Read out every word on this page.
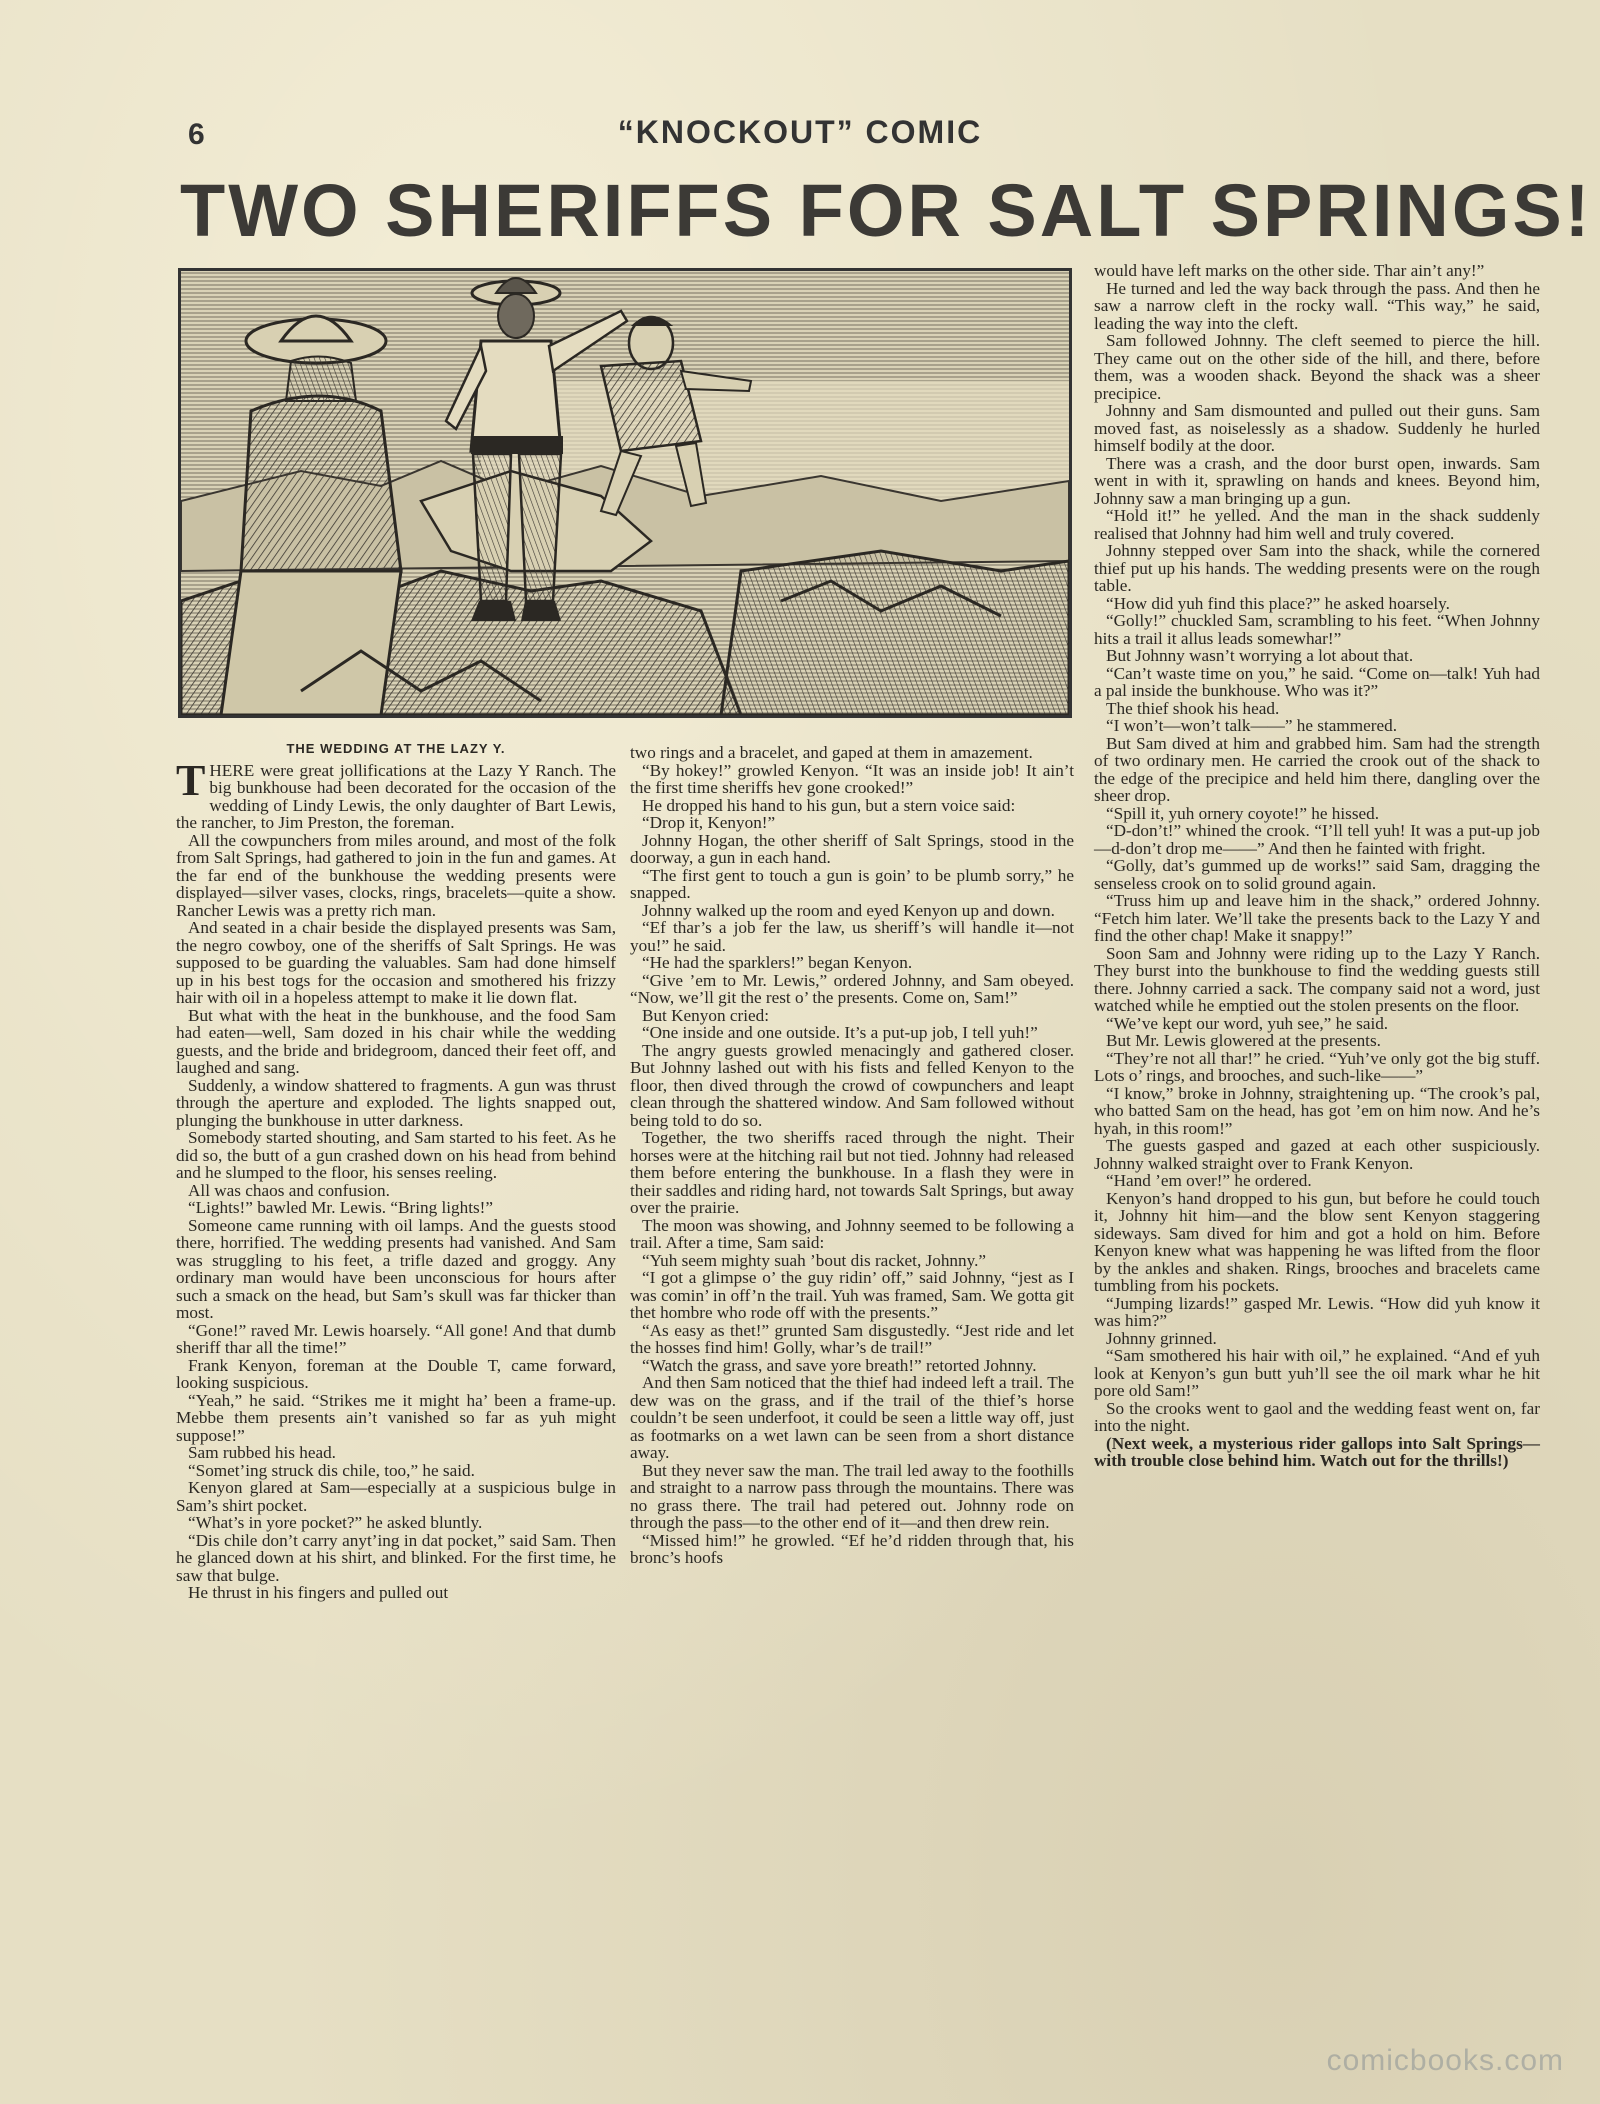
6	“KNOCKOUT” COMIC
TWO SHERIFFS FOR SALT SPRINGS!
THE WEDDING AT THE LAZY Y.

THERE were great jollifications at the Lazy Y Ranch. The big bunkhouse had been decorated for the occasion of the wedding of Lindy Lewis, the only daughter of Bart Lewis, the rancher, to Jim Preston, the foreman.

All the cowpunchers from miles around, and most of the folk from Salt Springs, had gathered to join in the fun and games. At the far end of the bunkhouse the wedding presents were displayed—silver vases, clocks, rings, bracelets—quite a show. Rancher Lewis was a pretty rich man.

And seated in a chair beside the displayed presents was Sam, the negro cowboy, one of the sheriffs of Salt Springs. He was supposed to be guarding the valuables. Sam had done himself up in his best togs for the occasion and smothered his frizzy hair with oil in a hopeless attempt to make it lie down flat.

But what with the heat in the bunkhouse, and the food Sam had eaten—well, Sam dozed in his chair while the wedding guests, and the bride and bridegroom, danced their feet off, and laughed and sang.

Suddenly, a window shattered to fragments. A gun was thrust through the aperture and exploded. The lights snapped out, plunging the bunkhouse in utter darkness.

Somebody started shouting, and Sam started to his feet. As he did so, the butt of a gun crashed down on his head from behind and he slumped to the floor, his senses reeling.

All was chaos and confusion.

“Lights!” bawled Mr. Lewis. “Bring lights!”

Someone came running with oil lamps. And the guests stood there, horrified. The wedding presents had vanished. And Sam was struggling to his feet, a trifle dazed and groggy. Any ordinary man would have been unconscious for hours after such a smack on the head, but Sam’s skull was far thicker than most.

“Gone!” raved Mr. Lewis hoarsely. “All gone! And that dumb sheriff thar all the time!”

Frank Kenyon, foreman at the Double T, came forward, looking suspicious.

“Yeah,” he said. “Strikes me it might ha’ been a frame-up. Mebbe them presents ain’t vanished so far as yuh might suppose!”

Sam rubbed his head.

“Somet’ing struck dis chile, too,” he said.

Kenyon glared at Sam—especially at a suspicious bulge in Sam’s shirt pocket.

“What’s in yore pocket?” he asked bluntly.

“Dis chile don’t carry anyt’ing in dat pocket,” said Sam. Then he glanced down at his shirt, and blinked. For the first time, he saw that bulge.

He thrust in his fingers and pulled out

two rings and a bracelet, and gaped at them in amazement.

“By hokey!” growled Kenyon. “It was an inside job! It ain’t the first time sheriffs hev gone crooked!”

He dropped his hand to his gun, but a stern voice said:

“Drop it, Kenyon!”

Johnny Hogan, the other sheriff of Salt Springs, stood in the doorway, a gun in each hand.

“The first gent to touch a gun is goin’ to be plumb sorry,” he snapped.

Johnny walked up the room and eyed Kenyon up and down.

“Ef thar’s a job fer the law, us sheriff’s will handle it—not you!” he said.

“He had the sparklers!” began Kenyon.

“Give ’em to Mr. Lewis,” ordered Johnny, and Sam obeyed. “Now, we’ll git the rest o’ the presents. Come on, Sam!”

But Kenyon cried:

“One inside and one outside. It’s a put-up job, I tell yuh!”

The angry guests growled menacingly and gathered closer. But Johnny lashed out with his fists and felled Kenyon to the floor, then dived through the crowd of cowpunchers and leapt clean through the shattered window. And Sam followed without being told to do so.

Together, the two sheriffs raced through the night. Their horses were at the hitching rail but not tied. Johnny had released them before entering the bunkhouse. In a flash they were in their saddles and riding hard, not towards Salt Springs, but away over the prairie.

The moon was showing, and Johnny seemed to be following a trail. After a time, Sam said:

“Yuh seem mighty suah ’bout dis racket, Johnny.”

“I got a glimpse o’ the guy ridin’ off,” said Johnny, “jest as I was comin’ in off’n the trail. Yuh was framed, Sam. We gotta git thet hombre who rode off with the presents.”

“As easy as thet!” grunted Sam disgustedly. “Jest ride and let the hosses find him! Golly, whar’s de trail!”

“Watch the grass, and save yore breath!” retorted Johnny.

And then Sam noticed that the thief had indeed left a trail. The dew was on the grass, and if the trail of the thief’s horse couldn’t be seen underfoot, it could be seen a little way off, just as footmarks on a wet lawn can be seen from a short distance away.

But they never saw the man. The trail led away to the foothills and straight to a narrow pass through the mountains. There was no grass there. The trail had petered out. Johnny rode on through the pass—to the other end of it—and then drew rein.

“Missed him!” he growled. “Ef he’d ridden through that, his bronc’s hoofs

would have left marks on the other side. Thar ain’t any!”

He turned and led the way back through the pass. And then he saw a narrow cleft in the rocky wall. “This way,” he said, leading the way into the cleft.

Sam followed Johnny. The cleft seemed to pierce the hill. They came out on the other side of the hill, and there, before them, was a wooden shack. Beyond the shack was a sheer precipice.

Johnny and Sam dismounted and pulled out their guns. Sam moved fast, as noiselessly as a shadow. Suddenly he hurled himself bodily at the door.

There was a crash, and the door burst open, inwards. Sam went in with it, sprawling on hands and knees. Beyond him, Johnny saw a man bringing up a gun.

“Hold it!” he yelled. And the man in the shack suddenly realised that Johnny had him well and truly covered.

Johnny stepped over Sam into the shack, while the cornered thief put up his hands. The wedding presents were on the rough table.

“How did yuh find this place?” he asked hoarsely.

“Golly!” chuckled Sam, scrambling to his feet. “When Johnny hits a trail it allus leads somewhar!”

But Johnny wasn’t worrying a lot about that.

“Can’t waste time on you,” he said. “Come on—talk! Yuh had a pal inside the bunkhouse. Who was it?”

The thief shook his head.

“I won’t—won’t talk——” he stammered.

But Sam dived at him and grabbed him. Sam had the strength of two ordinary men. He carried the crook out of the shack to the edge of the precipice and held him there, dangling over the sheer drop.

“Spill it, yuh ornery coyote!” he hissed.

“D-don’t!” whined the crook. “I’ll tell yuh! It was a put-up job—d-don’t drop me——” And then he fainted with fright.

“Golly, dat’s gummed up de works!” said Sam, dragging the senseless crook on to solid ground again.

“Truss him up and leave him in the shack,” ordered Johnny. “Fetch him later. We’ll take the presents back to the Lazy Y and find the other chap! Make it snappy!”

Soon Sam and Johnny were riding up to the Lazy Y Ranch. They burst into the bunkhouse to find the wedding guests still there. Johnny carried a sack. The company said not a word, just watched while he emptied out the stolen presents on the floor.

“We’ve kept our word, yuh see,” he said.

But Mr. Lewis glowered at the presents.

“They’re not all thar!” he cried. “Yuh’ve only got the big stuff. Lots o’ rings, and brooches, and such-like——”

“I know,” broke in Johnny, straightening up. “The crook’s pal, who batted Sam on the head, has got ’em on him now. And he’s hyah, in this room!”

The guests gasped and gazed at each other suspiciously. Johnny walked straight over to Frank Kenyon.

“Hand ’em over!” he ordered.

Kenyon’s hand dropped to his gun, but before he could touch it, Johnny hit him—and the blow sent Kenyon staggering sideways. Sam dived for him and got a hold on him. Before Kenyon knew what was happening he was lifted from the floor by the ankles and shaken. Rings, brooches and bracelets came tumbling from his pockets.

“Jumping lizards!” gasped Mr. Lewis. “How did yuh know it was him?”

Johnny grinned.

“Sam smothered his hair with oil,” he explained. “And ef yuh look at Kenyon’s gun butt yuh’ll see the oil mark whar he hit pore old Sam!”

So the crooks went to gaol and the wedding feast went on, far into the night.

(Next week, a mysterious rider gallops into Salt Springs—with trouble close behind him. Watch out for the thrills!)

comicbooks.com
